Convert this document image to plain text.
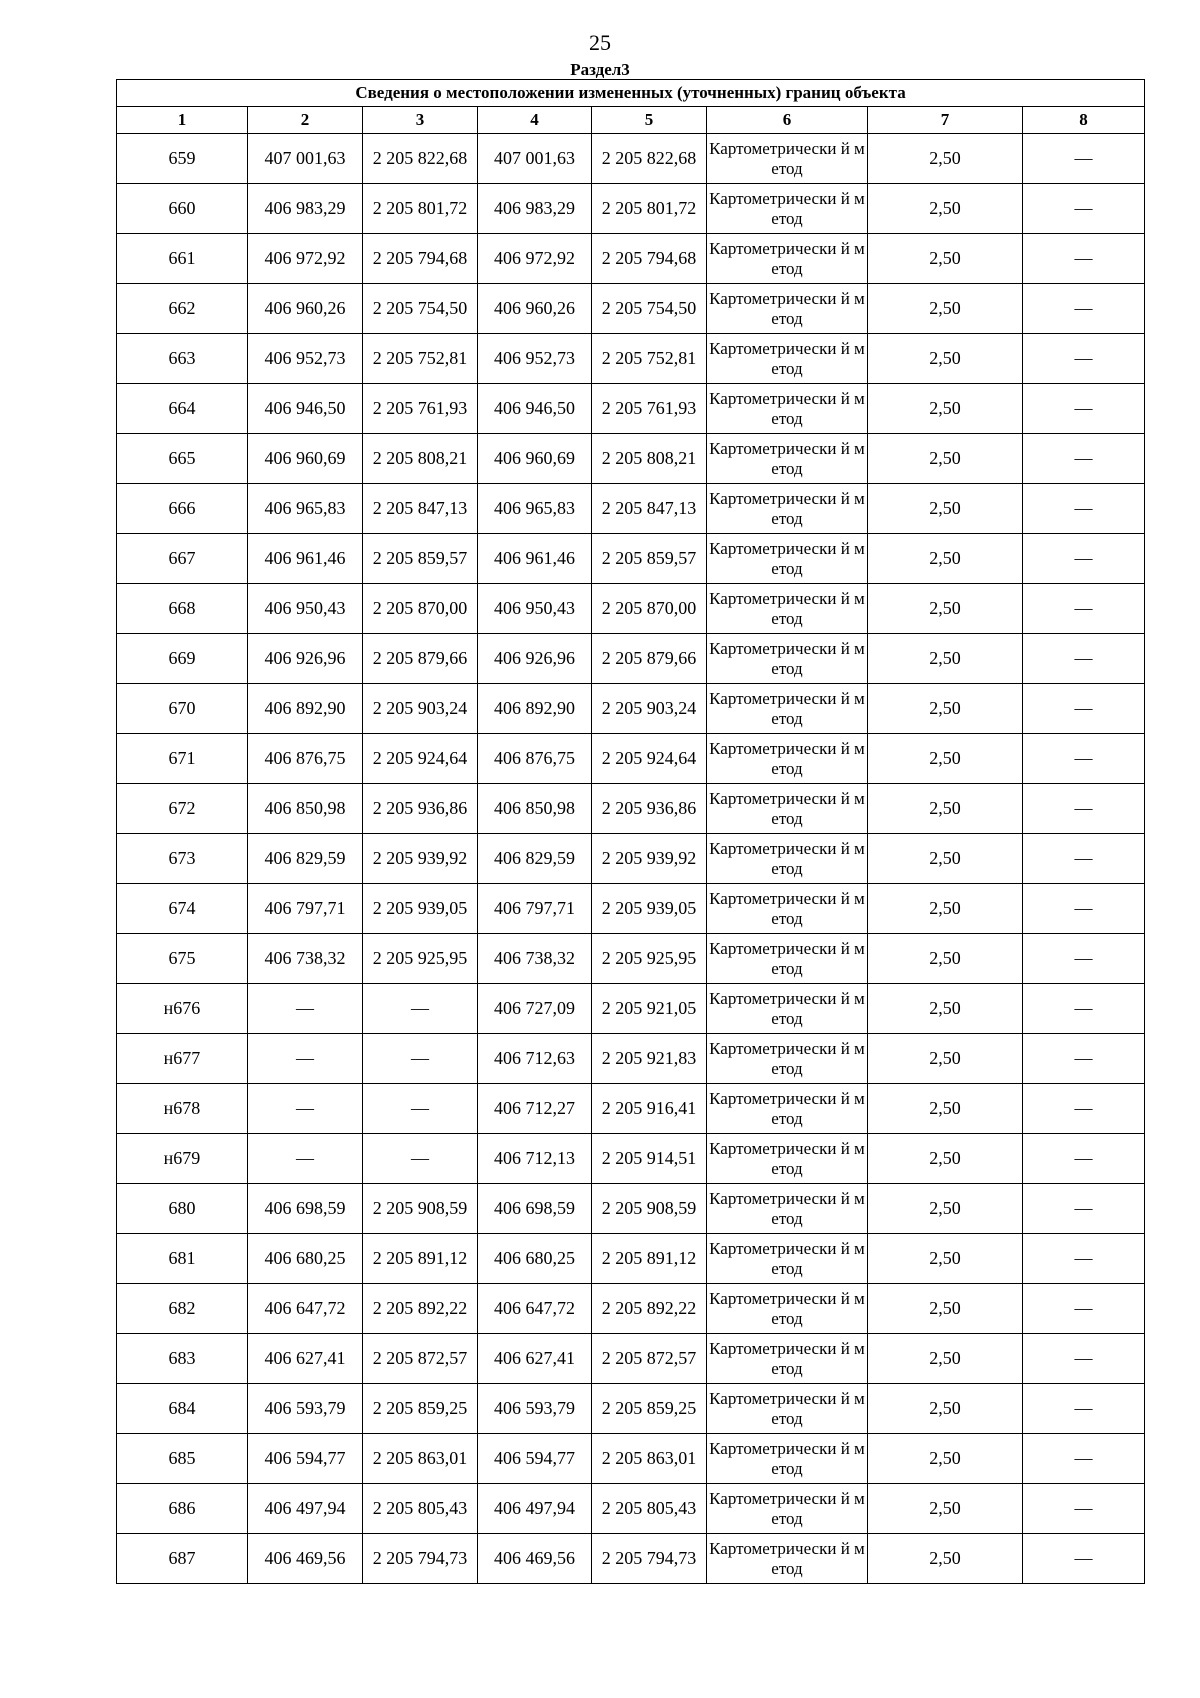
25
Раздел3
Сведения о местоположении измененных (уточненных) границ объекта							
1	2	3	4	5	6	7	8
659	407 001,63	2 205 822,68	407 001,63	2 205 822,68	Картометрически й метод	2,50	—
660	406 983,29	2 205 801,72	406 983,29	2 205 801,72	Картометрически й метод	2,50	—
661	406 972,92	2 205 794,68	406 972,92	2 205 794,68	Картометрически й метод	2,50	—
662	406 960,26	2 205 754,50	406 960,26	2 205 754,50	Картометрически й метод	2,50	—
663	406 952,73	2 205 752,81	406 952,73	2 205 752,81	Картометрически й метод	2,50	—
664	406 946,50	2 205 761,93	406 946,50	2 205 761,93	Картометрически й метод	2,50	—
665	406 960,69	2 205 808,21	406 960,69	2 205 808,21	Картометрически й метод	2,50	—
666	406 965,83	2 205 847,13	406 965,83	2 205 847,13	Картометрически й метод	2,50	—
667	406 961,46	2 205 859,57	406 961,46	2 205 859,57	Картометрически й метод	2,50	—
668	406 950,43	2 205 870,00	406 950,43	2 205 870,00	Картометрически й метод	2,50	—
669	406 926,96	2 205 879,66	406 926,96	2 205 879,66	Картометрически й метод	2,50	—
670	406 892,90	2 205 903,24	406 892,90	2 205 903,24	Картометрически й метод	2,50	—
671	406 876,75	2 205 924,64	406 876,75	2 205 924,64	Картометрически й метод	2,50	—
672	406 850,98	2 205 936,86	406 850,98	2 205 936,86	Картометрически й метод	2,50	—
673	406 829,59	2 205 939,92	406 829,59	2 205 939,92	Картометрически й метод	2,50	—
674	406 797,71	2 205 939,05	406 797,71	2 205 939,05	Картометрически й метод	2,50	—
675	406 738,32	2 205 925,95	406 738,32	2 205 925,95	Картометрически й метод	2,50	—
н676	—	—	406 727,09	2 205 921,05	Картометрически й метод	2,50	—
н677	—	—	406 712,63	2 205 921,83	Картометрически й метод	2,50	—
н678	—	—	406 712,27	2 205 916,41	Картометрически й метод	2,50	—
н679	—	—	406 712,13	2 205 914,51	Картометрически й метод	2,50	—
680	406 698,59	2 205 908,59	406 698,59	2 205 908,59	Картометрически й метод	2,50	—
681	406 680,25	2 205 891,12	406 680,25	2 205 891,12	Картометрически й метод	2,50	—
682	406 647,72	2 205 892,22	406 647,72	2 205 892,22	Картометрически й метод	2,50	—
683	406 627,41	2 205 872,57	406 627,41	2 205 872,57	Картометрически й метод	2,50	—
684	406 593,79	2 205 859,25	406 593,79	2 205 859,25	Картометрически й метод	2,50	—
685	406 594,77	2 205 863,01	406 594,77	2 205 863,01	Картометрически й метод	2,50	—
686	406 497,94	2 205 805,43	406 497,94	2 205 805,43	Картометрически й метод	2,50	—
687	406 469,56	2 205 794,73	406 469,56	2 205 794,73	Картометрически й метод	2,50	—
